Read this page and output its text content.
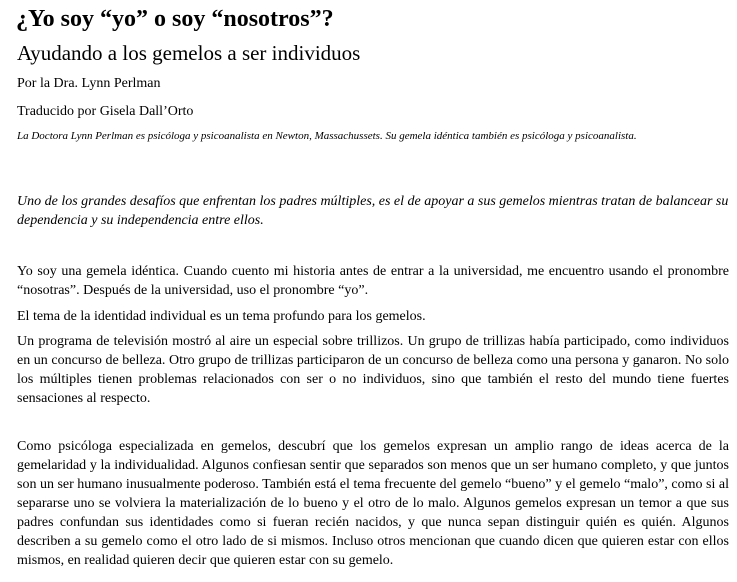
¿Yo soy “yo” o soy “nosotros”?
Ayudando a los gemelos a ser individuos

Por la Dra. Lynn Perlman

Traducido por Gisela Dall’Orto

La Doctora Lynn Perlman es psicóloga y psicoanalista en Newton, Massachussets. Su gemela idéntica también es psicóloga y psicoanalista.

Uno de los grandes desafíos que enfrentan los padres múltiples, es el de apoyar a sus gemelos mientras tratan de balancear su dependencia y su independencia entre ellos.

Yo soy una gemela idéntica. Cuando cuento mi historia antes de entrar a la universidad, me encuentro usando el pronombre “nosotras”. Después de la universidad, uso el pronombre “yo”.

El tema de la identidad individual es un tema profundo para los gemelos.

Un programa de televisión mostró al aire un especial sobre trillizos. Un grupo de trillizas había participado, como individuos en un concurso de belleza. Otro grupo de trillizas participaron de un concurso de belleza como una persona y ganaron. No solo los múltiples tienen problemas relacionados con ser o no individuos, sino que también el resto del mundo tiene fuertes sensaciones al respecto.

Como psicóloga especializada en gemelos, descubrí que los gemelos expresan un amplio rango de ideas acerca de la gemelaridad y la individualidad. Algunos confiesan sentir que separados son menos que un ser humano completo, y que juntos son un ser humano inusualmente poderoso. También está el tema frecuente del gemelo “bueno” y el gemelo “malo”, como si al separarse uno se volviera la materialización de lo bueno y el otro de lo malo. Algunos gemelos expresan un temor a que sus padres confundan sus identidades como si fueran recién nacidos, y que nunca sepan distinguir quién es quién. Algunos describen a su gemelo como el otro lado de si mismos. Incluso otros mencionan que cuando dicen que quieren estar con ellos mismos, en realidad quieren decir que quieren estar con su gemelo.
